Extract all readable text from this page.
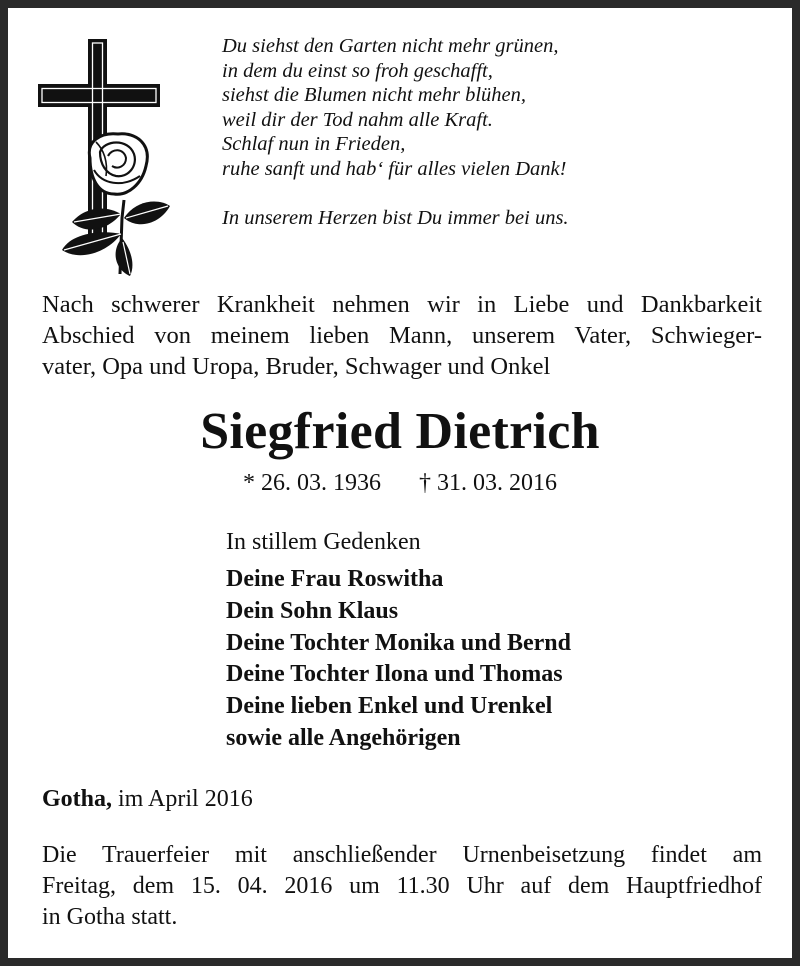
Du siehst den Garten nicht mehr grünen,
in dem du einst so froh geschafft,
siehst die Blumen nicht mehr blühen,
weil dir der Tod nahm alle Kraft.
Schlaf nun in Frieden,
ruhe sanft und hab‘ für alles vielen Dank!
In unserem Herzen bist Du immer bei uns.
Nach schwerer Krankheit nehmen wir in Liebe und Dankbarkeit
Abschied von meinem lieben Mann, unserem Vater, Schwieger-
vater, Opa und Uropa, Bruder, Schwager und Onkel
Siegfried Dietrich
* 26. 03. 1936 † 31. 03. 2016
In stillem Gedenken
Deine Frau Roswitha
Dein Sohn Klaus
Deine Tochter Monika und Bernd
Deine Tochter Ilona und Thomas
Deine lieben Enkel und Urenkel
sowie alle Angehörigen
Gotha, im April 2016
Die Trauerfeier mit anschließender Urnenbeisetzung findet am
Freitag, dem 15. 04. 2016 um 11.30 Uhr auf dem Hauptfriedhof
in Gotha statt.
